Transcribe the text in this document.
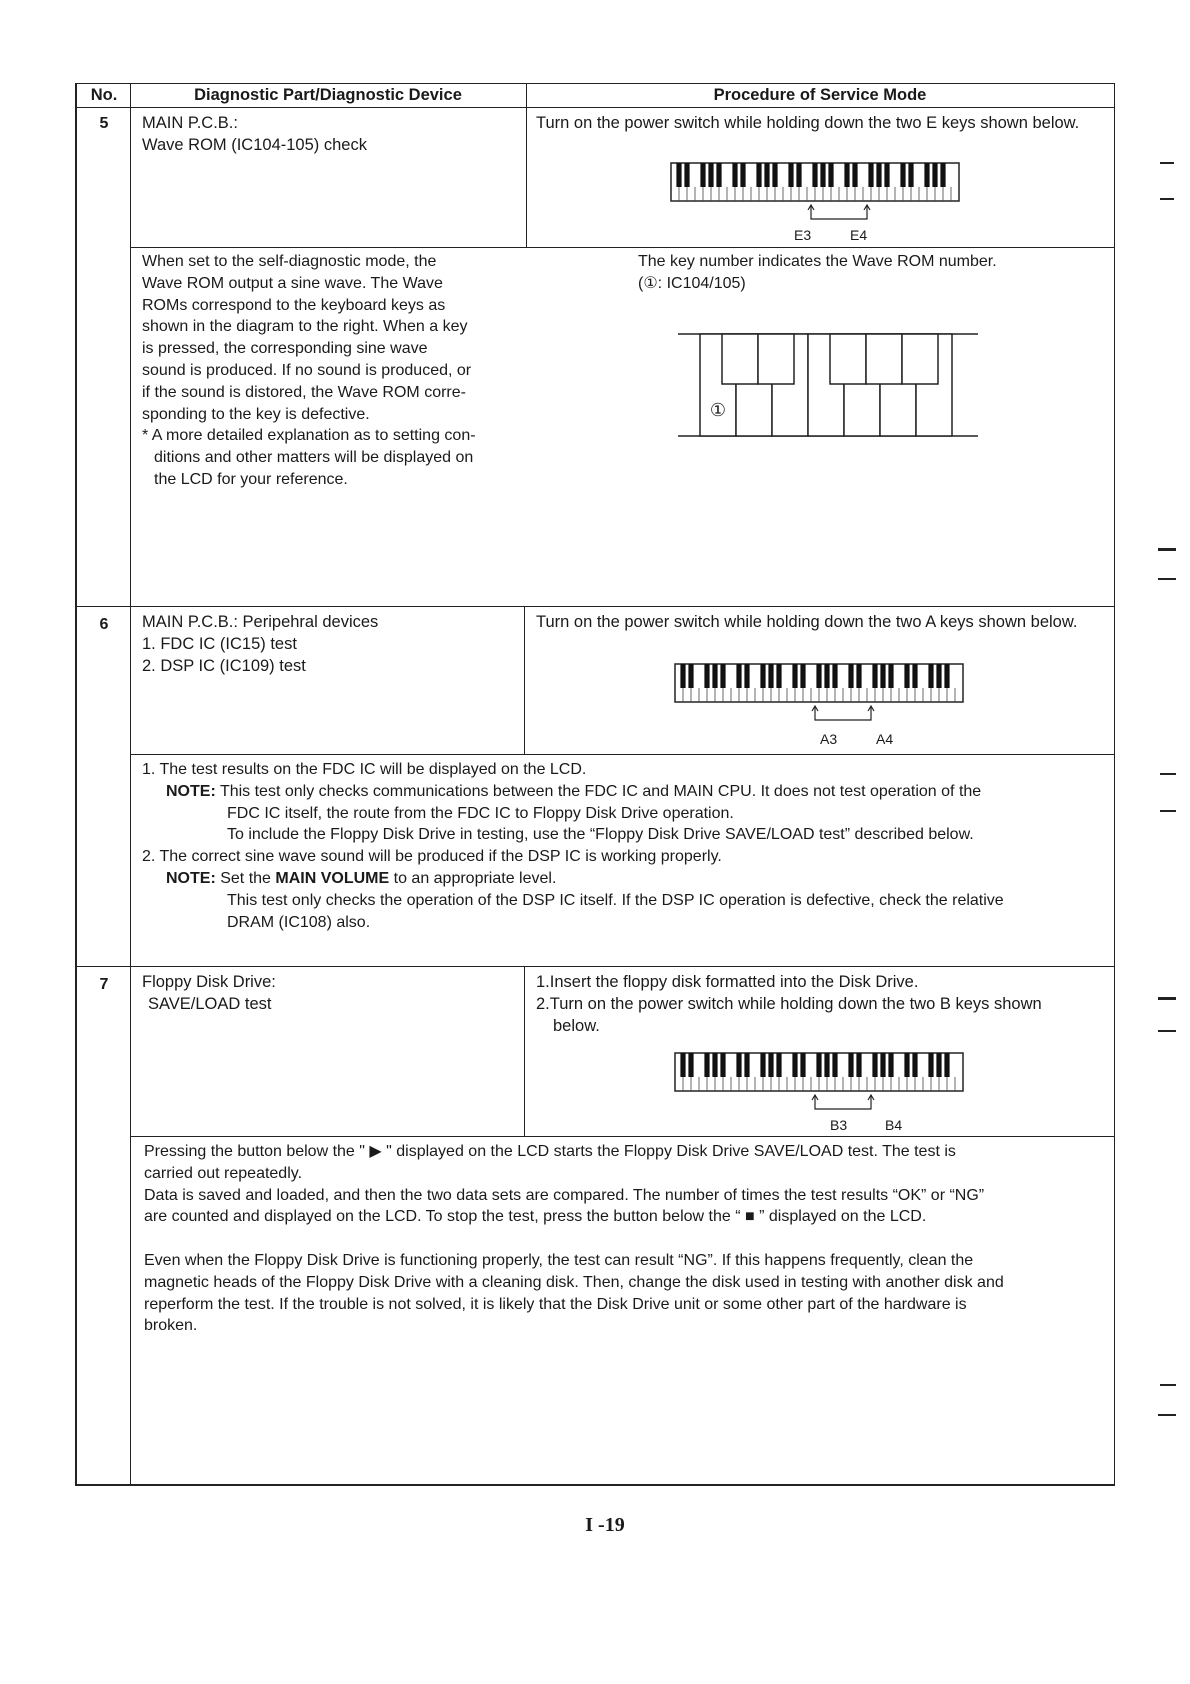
No.	Diagnostic Part/Diagnostic Device	Procedure of Service Mode
5	MAIN P.C.B.:
Wave ROM (IC104-105) check
Turn on the power switch while holding down the two E keys shown below.
E3	E4
When set to the self-diagnostic mode, the
Wave ROM output a sine wave. The Wave
ROMs correspond to the keyboard keys as
shown in the diagram to the right. When a key
is pressed, the corresponding sine wave
sound is produced. If no sound is produced, or
if the sound is distored, the Wave ROM corre-
sponding to the key is defective.
* A more detailed explanation as to setting con-
ditions and other matters will be displayed on
the LCD for your reference.
The key number indicates the Wave ROM number.
(①: IC104/105)
①
6	MAIN P.C.B.: Peripehral devices
1. FDC IC (IC15) test
2. DSP IC (IC109) test
Turn on the power switch while holding down the two A keys shown below.
A3	A4
1. The test results on the FDC IC will be displayed on the LCD.
NOTE: This test only checks communications between the FDC IC and MAIN CPU. It does not test operation of the
FDC IC itself, the route from the FDC IC to Floppy Disk Drive operation.
To include the Floppy Disk Drive in testing, use the “Floppy Disk Drive SAVE/LOAD test” described below.
2. The correct sine wave sound will be produced if the DSP IC is working properly.
NOTE: Set the MAIN VOLUME to an appropriate level.
This test only checks the operation of the DSP IC itself. If the DSP IC operation is defective, check the relative
DRAM (IC108) also.
7	Floppy Disk Drive:
SAVE/LOAD test
1.Insert the floppy disk formatted into the Disk Drive.
2.Turn on the power switch while holding down the two B keys shown
below.
B3	B4
Pressing the button below the " ▶ " displayed on the LCD starts the Floppy Disk Drive SAVE/LOAD test. The test is
carried out repeatedly.
Data is saved and loaded, and then the two data sets are compared. The number of times the test results “OK” or “NG”
are counted and displayed on the LCD. To stop the test, press the button below the “ ■ ” displayed on the LCD.
Even when the Floppy Disk Drive is functioning properly, the test can result “NG”. If this happens frequently, clean the
magnetic heads of the Floppy Disk Drive with a cleaning disk. Then, change the disk used in testing with another disk and
reperform the test. If the trouble is not solved, it is likely that the Disk Drive unit or some other part of the hardware is
broken.
I -19
